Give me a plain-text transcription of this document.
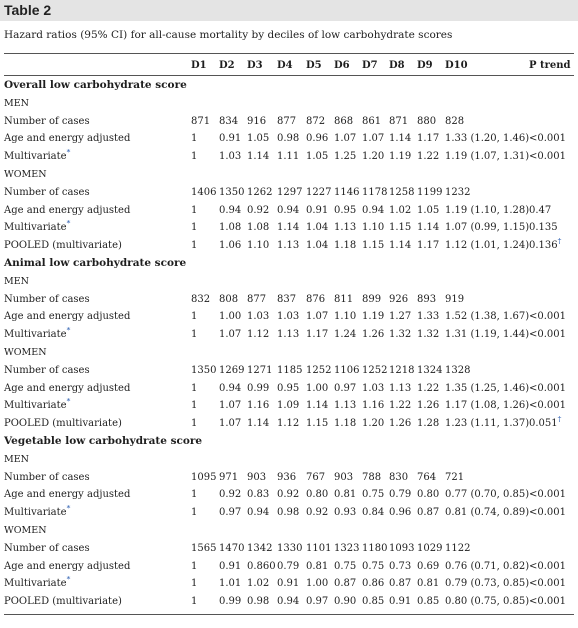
Table 2
Hazard ratios (95% CI) for all-cause mortality by deciles of low carbohydrate scores
D1 D2 D3 D4 D5 D6 D7 D8 D9 D10	P trend
Overall low carbohydrate score
MEN
Number of cases	871 834 916 877 872 868 861 871 880 828
Age and energy adjusted	1 0.91 1.05 0.98 0.96 1.07 1.07 1.14 1.17 1.33 (1.20, 1.46) <0.001
Multivariate*	1 1.03 1.14 1.11 1.05 1.25 1.20 1.19 1.22 1.19 (1.07, 1.31) <0.001
WOMEN
Number of cases	1406 1350 1262 1297 1227 1146 1178 1258 1199 1232
Age and energy adjusted	1 0.94 0.92 0.94 0.91 0.95 0.94 1.02 1.05 1.19 (1.10, 1.28) 0.47
Multivariate*	1 1.08 1.08 1.14 1.04 1.13 1.10 1.15 1.14 1.07 (0.99, 1.15) 0.135
POOLED (multivariate)	1 1.06 1.10 1.13 1.04 1.18 1.15 1.14 1.17 1.12 (1.01, 1.24) 0.136†
Animal low carbohydrate score
MEN
Number of cases	832 808 877 837 876 811 899 926 893 919
Age and energy adjusted	1 1.00 1.03 1.03 1.07 1.10 1.19 1.27 1.33 1.52 (1.38, 1.67) <0.001
Multivariate*	1 1.07 1.12 1.13 1.17 1.24 1.26 1.32 1.32 1.31 (1.19, 1.44) <0.001
WOMEN
Number of cases	1350 1269 1271 1185 1252 1106 1252 1218 1324 1328
Age and energy adjusted	1 0.94 0.99 0.95 1.00 0.97 1.03 1.13 1.22 1.35 (1.25, 1.46) <0.001
Multivariate*	1 1.07 1.16 1.09 1.14 1.13 1.16 1.22 1.26 1.17 (1.08, 1.26) <0.001
POOLED (multivariate)	1 1.07 1.14 1.12 1.15 1.18 1.20 1.26 1.28 1.23 (1.11, 1.37) 0.051†
Vegetable low carbohydrate score
MEN
Number of cases	1095 971 903 936 767 903 788 830 764 721
Age and energy adjusted	1 0.92 0.83 0.92 0.80 0.81 0.75 0.79 0.80 0.77 (0.70, 0.85) <0.001
Multivariate*	1 0.97 0.94 0.98 0.92 0.93 0.84 0.96 0.87 0.81 (0.74, 0.89) <0.001
WOMEN
Number of cases	1565 1470 1342 1330 1101 1323 1180 1093 1029 1122
Age and energy adjusted	1 0.91 0.860 0.79 0.81 0.75 0.75 0.73 0.69 0.76 (0.71, 0.82) <0.001
Multivariate*	1 1.01 1.02 0.91 1.00 0.87 0.86 0.87 0.81 0.79 (0.73, 0.85) <0.001
POOLED (multivariate)	1 0.99 0.98 0.94 0.97 0.90 0.85 0.91 0.85 0.80 (0.75, 0.85) <0.001
